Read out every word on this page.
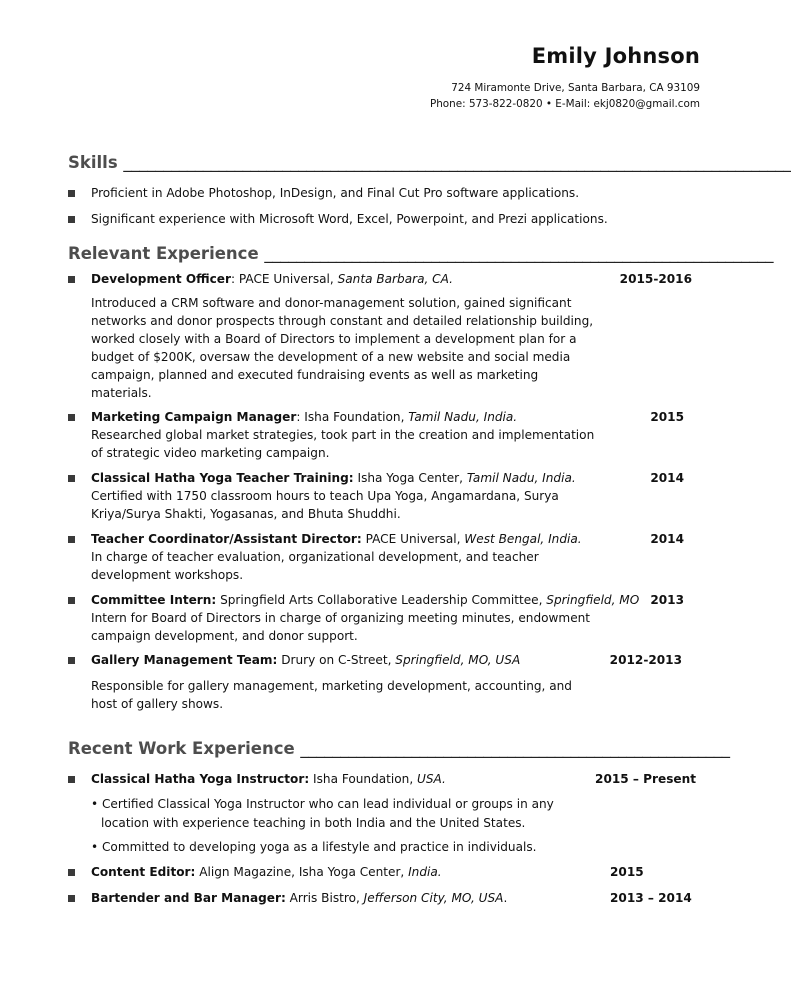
Emily Johnson
724 Miramonte Drive, Santa Barbara, CA 93109
Phone: 573-822-0820 • E-Mail: ekj0820@gmail.com
Skills ____________________________________________________________________________________
Proficient in Adobe Photoshop, InDesign, and Final Cut Pro software applications.
Significant experience with Microsoft Word, Excel, Powerpoint, and Prezi applications.
Relevant Experience ________________________________________________________________
Development Officer: PACE Universal, Santa Barbara, CA.	2015-2016
Introduced a CRM software and donor-management solution, gained significant
networks and donor prospects through constant and detailed relationship building,
worked closely with a Board of Directors to implement a development plan for a
budget of $200K, oversaw the development of a new website and social media
campaign, planned and executed fundraising events as well as marketing
materials.
Marketing Campaign Manager: Isha Foundation, Tamil Nadu, India.	2015
Researched global market strategies, took part in the creation and implementation
of strategic video marketing campaign.
Classical Hatha Yoga Teacher Training: Isha Yoga Center, Tamil Nadu, India.	2014
Certified with 1750 classroom hours to teach Upa Yoga, Angamardana, Surya
Kriya/Surya Shakti, Yogasanas, and Bhuta Shuddhi.
Teacher Coordinator/Assistant Director: PACE Universal, West Bengal, India.	2014
In charge of teacher evaluation, organizational development, and teacher
development workshops.
Committee Intern: Springfield Arts Collaborative Leadership Committee, Springfield, MO 2013
Intern for Board of Directors in charge of organizing meeting minutes, endowment
campaign development, and donor support.
Gallery Management Team: Drury on C-Street, Springfield, MO, USA	2012-2013
Responsible for gallery management, marketing development, accounting, and
host of gallery shows.
Recent Work Experience ______________________________________________________
Classical Hatha Yoga Instructor: Isha Foundation, USA.	2015 – Present
• Certified Classical Yoga Instructor who can lead individual or groups in any
location with experience teaching in both India and the United States.
• Committed to developing yoga as a lifestyle and practice in individuals.
Content Editor: Align Magazine, Isha Yoga Center, India.	2015
Bartender and Bar Manager: Arris Bistro, Jefferson City, MO, USA.	2013 – 2014
